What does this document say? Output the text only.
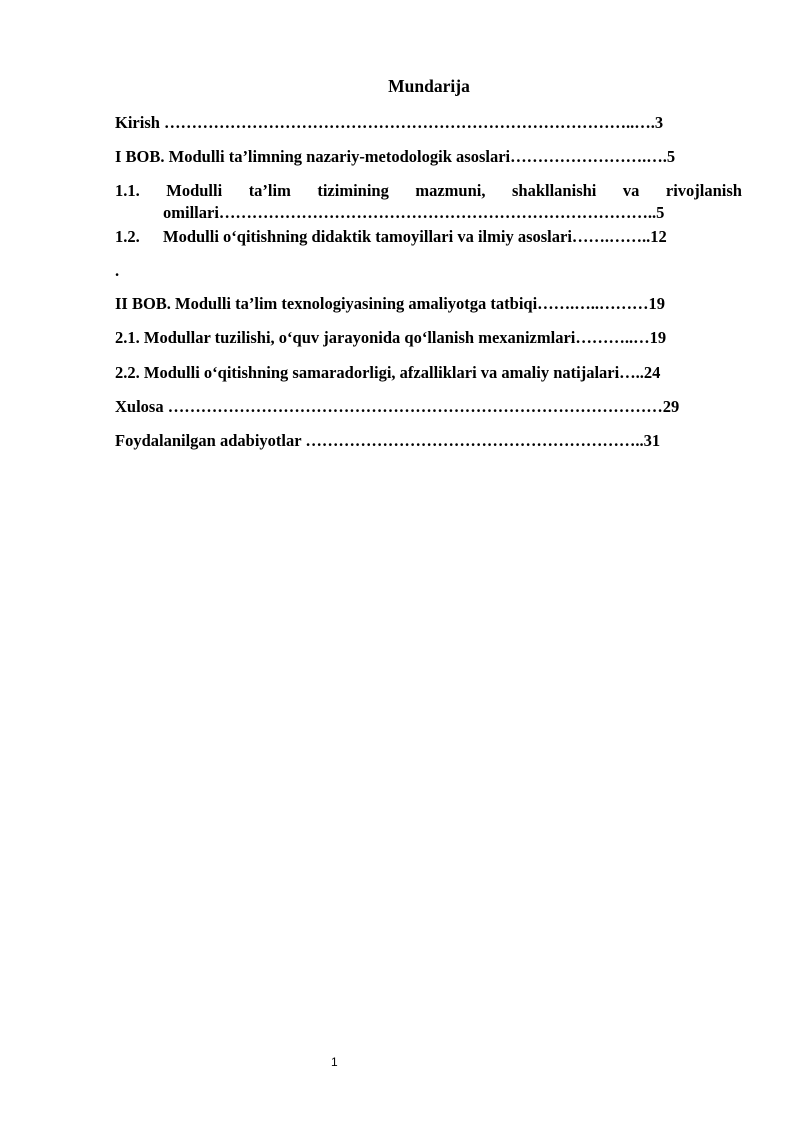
Mundarija
Kirish …………………………………………………………………………..….3
I BOB. Modulli ta’limning nazariy-metodologik asoslari…………………….….5
1.1. Modulli ta’lim tizimining mazmuni, shakllanishi va rivojlanish
omillari……………………………………………………………………..5
1.2. Modulli o‘qitishning didaktik tamoyillari va ilmiy asoslari…….……..12
.
II BOB. Modulli ta’lim texnologiyasining amaliyotga tatbiqi…….…..………19
2.1. Modullar tuzilishi, o‘quv jarayonida qo‘llanish mexanizmlari………..…19
2.2. Modulli o‘qitishning samaradorligi, afzalliklari va amaliy natijalari…..24
Xulosa ………………………………………………………………………………29
Foydalanilgan adabiyotlar ……………………………………………………..31
1
